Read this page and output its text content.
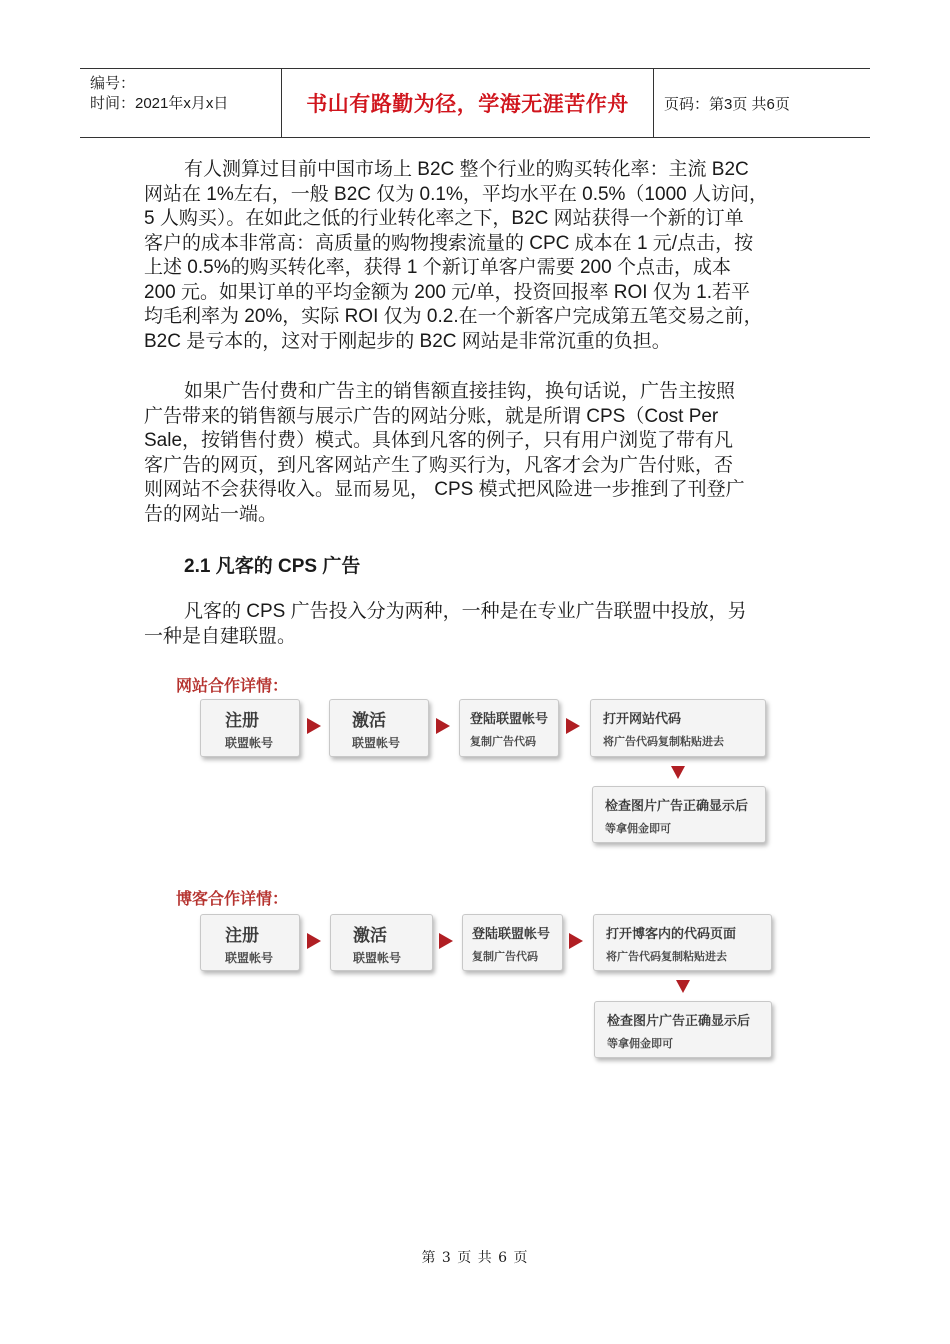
编号：
时间：2021年x月x日	书山有路勤为径，学海无涯苦作舟 页码：第3页 共6页
有人测算过目前中国市场上 B2C 整个行业的购买转化率：主流 B2C
网站在 1%左右，一般 B2C 仅为 0.1%，平均水平在 0.5%（1000 人访问，
5 人购买）。在如此之低的行业转化率之下，B2C 网站获得一个新的订单
客户的成本非常高：高质量的购物搜索流量的 CPC 成本在 1 元/点击，按
上述 0.5%的购买转化率，获得 1 个新订单客户需要 200 个点击，成本
200 元。如果订单的平均金额为 200 元/单，投资回报率 ROI 仅为 1.若平
均毛利率为 20%，实际 ROI 仅为 0.2.在一个新客户完成第五笔交易之前，
B2C 是亏本的，这对于刚起步的 B2C 网站是非常沉重的负担。
如果广告付费和广告主的销售额直接挂钩，换句话说，广告主按照
广告带来的销售额与展示广告的网站分账，就是所谓 CPS（Cost Per
Sale，按销售付费）模式。具体到凡客的例子，只有用户浏览了带有凡
客广告的网页，到凡客网站产生了购买行为，凡客才会为广告付账，否
则网站不会获得收入。显而易见， CPS 模式把风险进一步推到了刊登广
告的网站一端。
2.1 凡客的 CPS 广告
凡客的 CPS 广告投入分为两种，一种是在专业广告联盟中投放，另
一种是自建联盟。
网站合作详情：
注册
联盟帐号
激活
联盟帐号
登陆联盟帐号
复制广告代码
打开网站代码
将广告代码复制粘贴进去
检查图片广告正确显示后
等拿佣金即可
博客合作详情：
注册
联盟帐号
激活
联盟帐号
登陆联盟帐号
复制广告代码
打开博客内的代码页面
将广告代码复制粘贴进去
检查图片广告正确显示后
等拿佣金即可
第 3 页 共 6 页
